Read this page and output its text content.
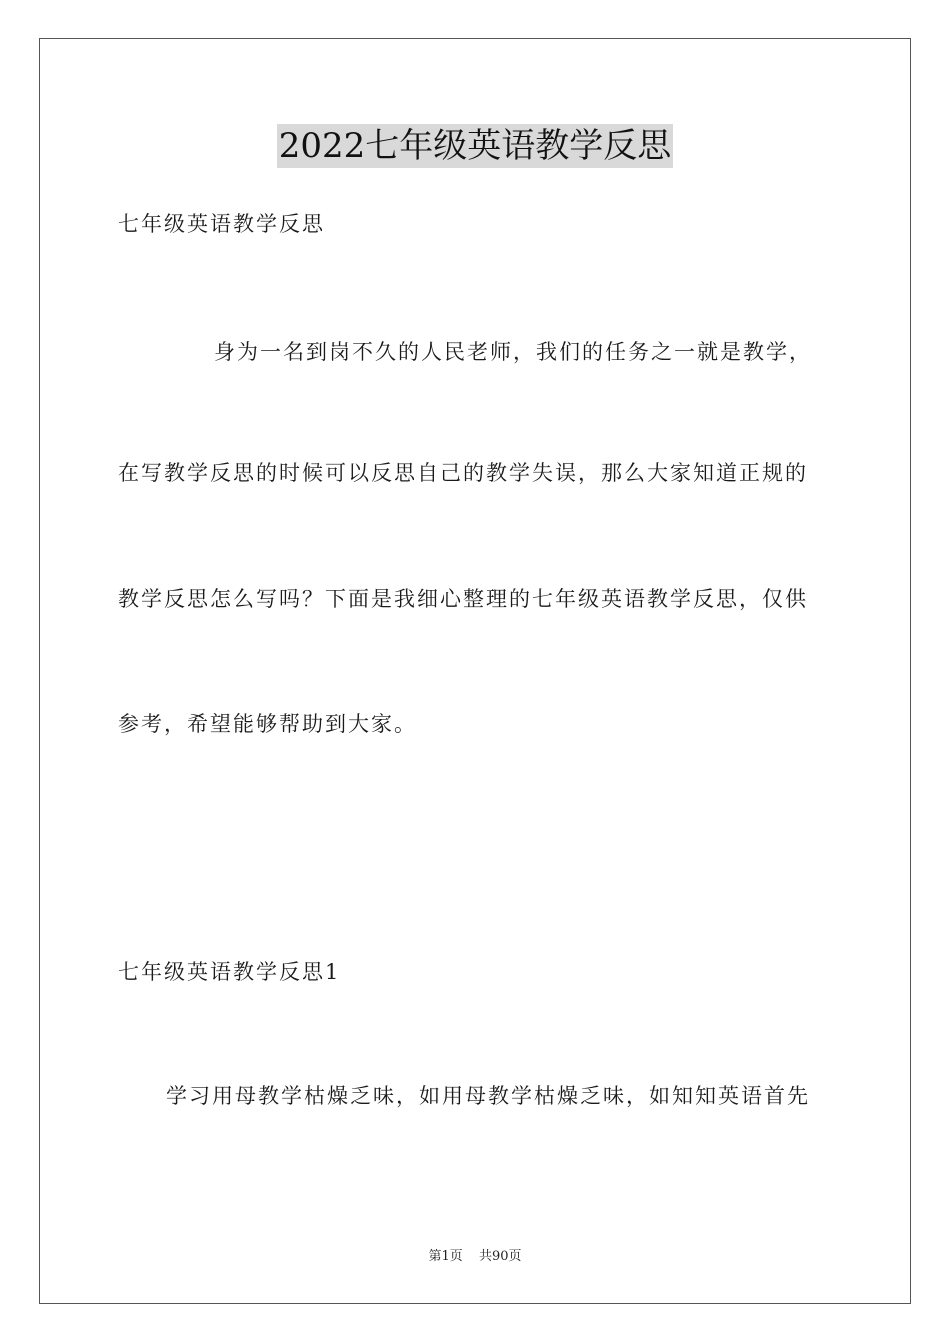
2022七年级英语教学反思

七年级英语教学反思

身为一名到岗不久的人民老师，我们的任务之一就是教学，

在写教学反思的时候可以反思自己的教学失误，那么大家知道正规的

教学反思怎么写吗？下面是我细心整理的七年级英语教学反思，仅供

参考，希望能够帮助到大家。

七年级英语教学反思1

学习用母教学枯燥乏味，如用母教学枯燥乏味，如知知英语首先

第1页 共90页
